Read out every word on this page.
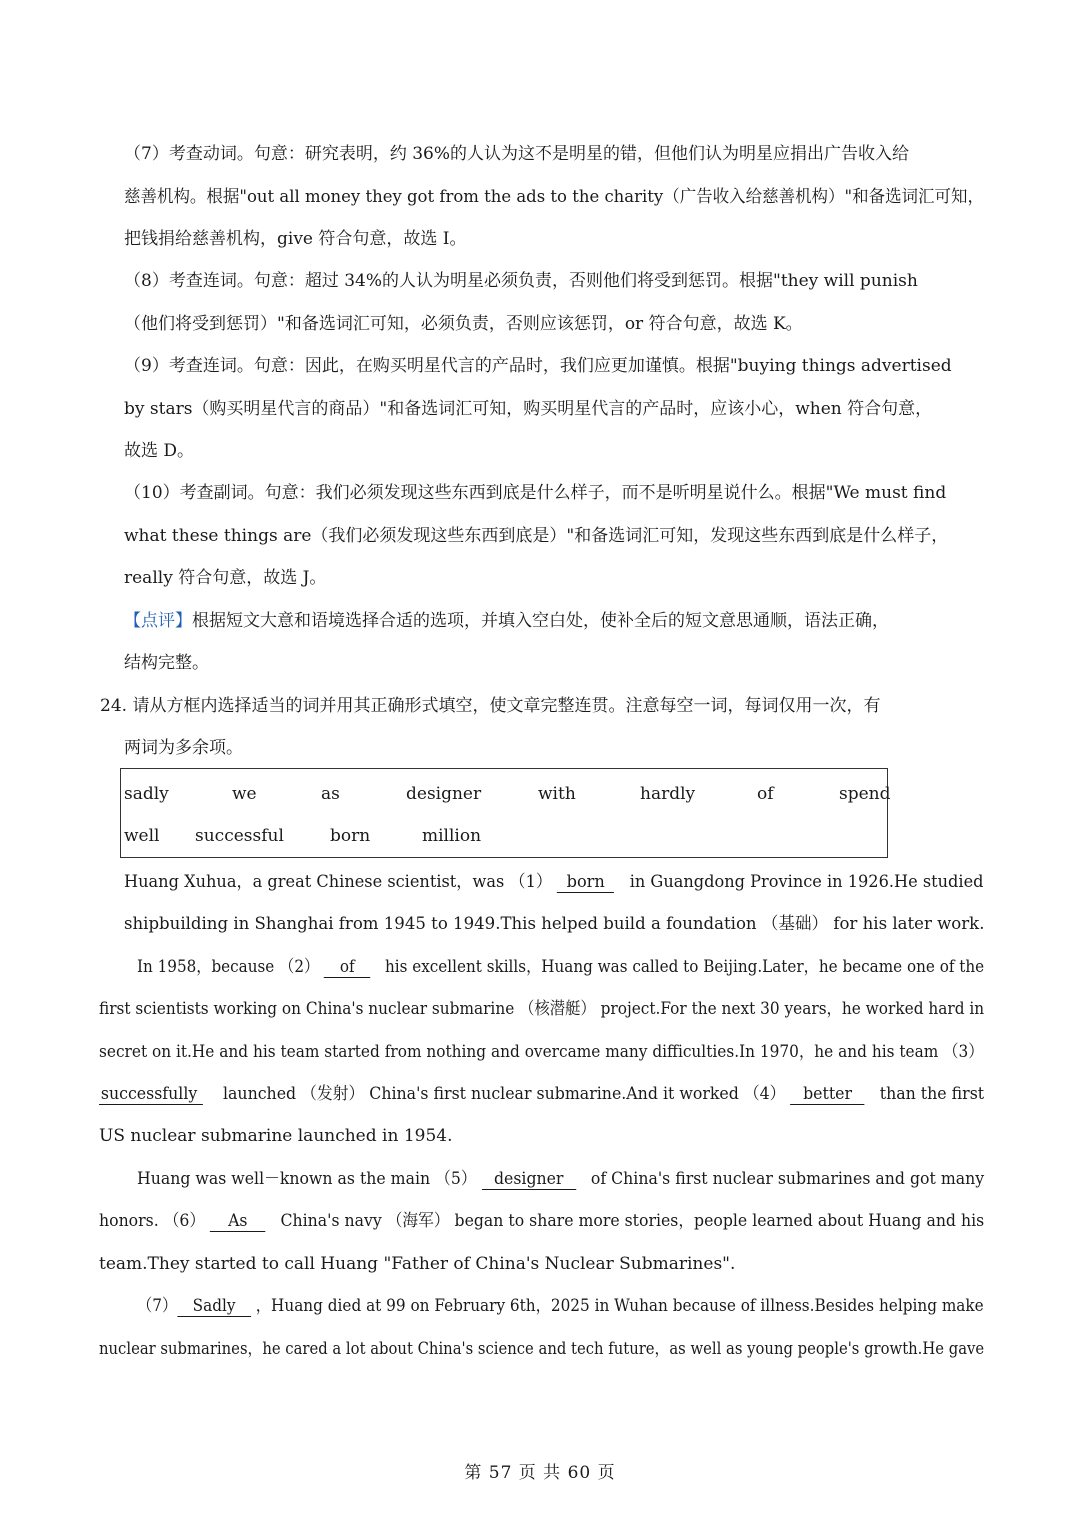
（7）考查动词。句意：研究表明，约 36%的人认为这不是明星的错，但他们认为明星应捐出广告收入给
慈善机构。根据"out all money they got from the ads to the charity（广告收入给慈善机构）"和备选词汇可知，
把钱捐给慈善机构，give 符合句意，故选 I。
（8）考查连词。句意：超过 34%的人认为明星必须负责，否则他们将受到惩罚。根据"they will punish
（他们将受到惩罚）"和备选词汇可知，必须负责，否则应该惩罚，or 符合句意，故选 K。
（9）考查连词。句意：因此，在购买明星代言的产品时，我们应更加谨慎。根据"buying things advertised
by stars（购买明星代言的商品）"和备选词汇可知，购买明星代言的产品时，应该小心，when 符合句意，
故选 D。
（10）考查副词。句意：我们必须发现这些东西到底是什么样子，而不是听明星说什么。根据"We must find
what these things are（我们必须发现这些东西到底是）"和备选词汇可知，发现这些东西到底是什么样子，
really 符合句意，故选 J。
【点评】根据短文大意和语境选择合适的选项，并填入空白处，使补全后的短文意思通顺，语法正确，
结构完整。
24. 请从方框内选择适当的词并用其正确形式填空，使文章完整连贯。注意每空一词，每词仅用一次，有
两词为多余项。
sadly	we	as	designer	with	hardly	of	spend
well successful	born	million
Huang Xuhua，a great Chinese scientist，was （1） born in Guangdong Province in 1926.He studied
shipbuilding in Shanghai from 1945 to 1949.This helped build a foundation （基础） for his later work.
In 1958，because （2） of his excellent skills，Huang was called to Beijing.Later，he became one of the
first scientists working on China's nuclear submarine （核潜艇） project.For the next 30 years，he worked hard in
secret on it.He and his team started from nothing and overcame many difficulties.In 1970，he and his team （3）
successfully launched （发射） China's first nuclear submarine.And it worked （4） better than the first
US nuclear submarine launched in 1954.
Huang was well－known as the main （5） designer of China's first nuclear submarines and got many
honors. （6） As China's navy （海军） began to share more stories，people learned about Huang and his
team.They started to call Huang "Father of China's Nuclear Submarines".
（7） Sadly ，Huang died at 99 on February 6th，2025 in Wuhan because of illness.Besides helping make
nuclear submarines，he cared a lot about China's science and tech future，as well as young people's growth.He gave
第 57 页 共 60 页
